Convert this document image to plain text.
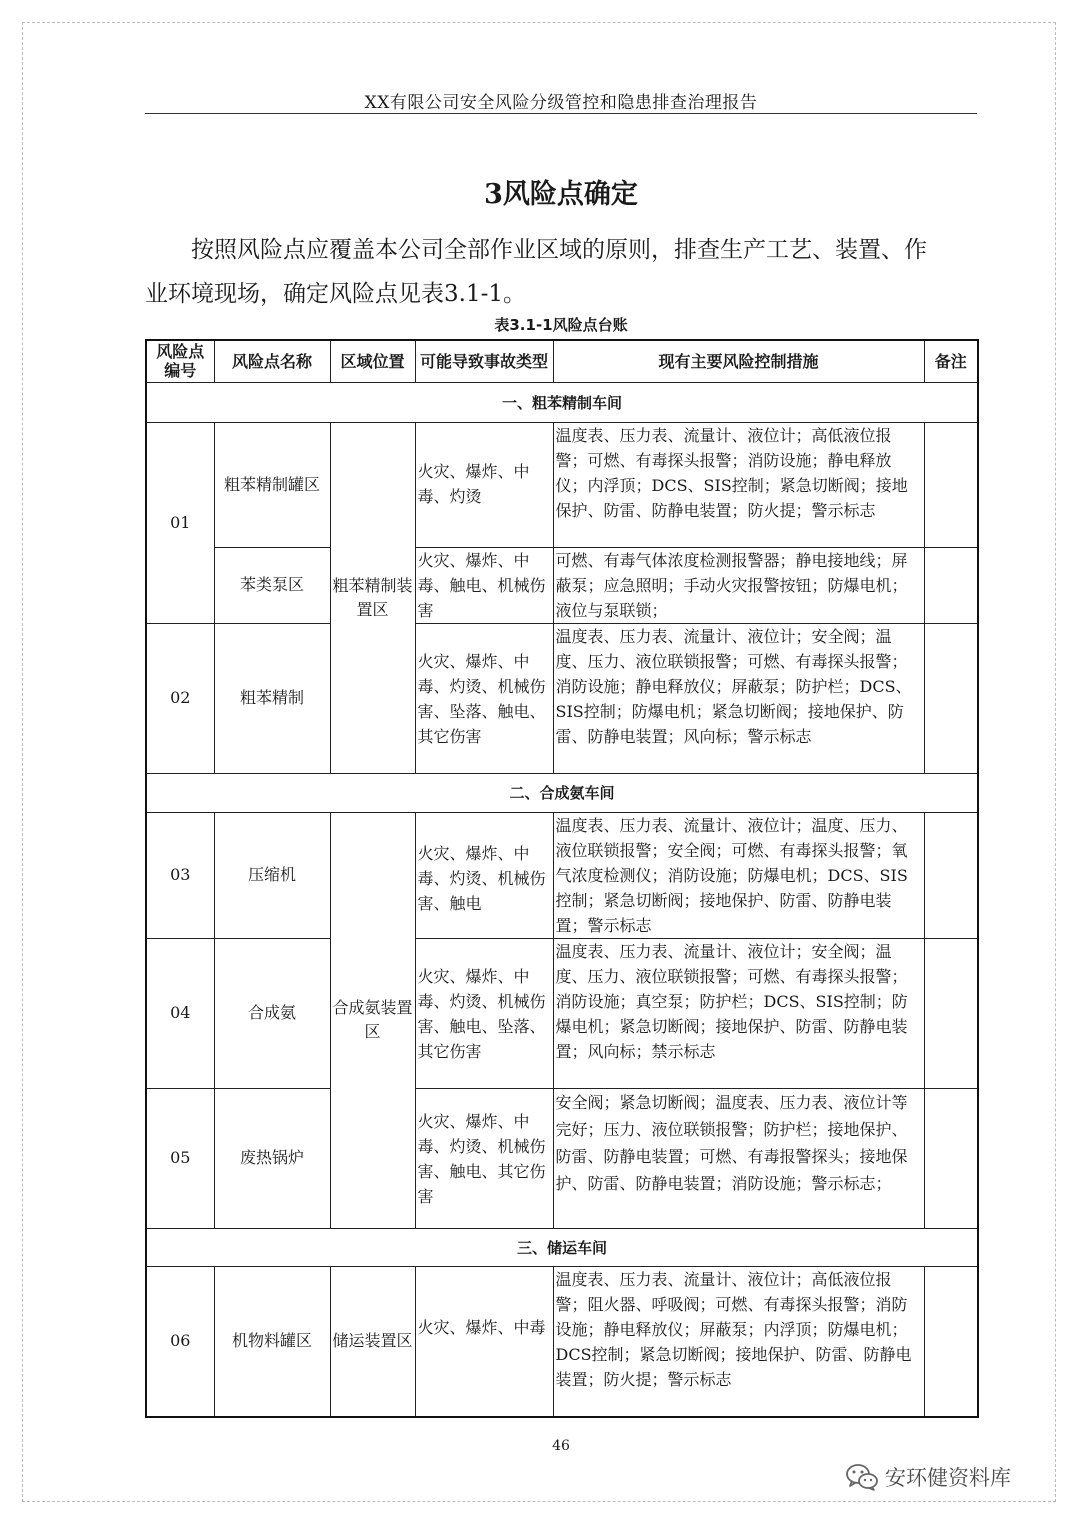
XX有限公司安全风险分级管控和隐患排查治理报告
3风险点确定

　　按照风险点应覆盖本公司全部作业区域的原则，排查生产工艺、装置、作业环境现场，确定风险点见表3.1-1。

表3.1-1风险点台账
风险点编号	风险点名称	区域位置	可能导致事故类型	现有主要风险控制措施	备注
一、粗苯精制车间					
01	粗苯精制罐区	粗苯精制装置区	火灾、爆炸、中毒、灼烫	温度表、压力表、流量计、液位计；高低液位报警；可燃、有毒探头报警；消防设施；静电释放仪；内浮顶；DCS、SIS控制；紧急切断阀；接地保护、防雷、防静电装置；防火提；警示标志	
	苯类泵区		火灾、爆炸、中毒、触电、机械伤害	可燃、有毒气体浓度检测报警器；静电接地线；屏蔽泵；应急照明；手动火灾报警按钮；防爆电机；液位与泵联锁；	
02	粗苯精制		火灾、爆炸、中毒、灼烫、机械伤害、坠落、触电、其它伤害	温度表、压力表、流量计、液位计；安全阀；温度、压力、液位联锁报警；可燃、有毒探头报警；消防设施；静电释放仪；屏蔽泵；防护栏；DCS、SIS控制；防爆电机；紧急切断阀；接地保护、防雷、防静电装置；风向标；警示标志	
二、合成氨车间					
03	压缩机	合成氨装置区	火灾、爆炸、中毒、灼烫、机械伤害、触电	温度表、压力表、流量计、液位计；温度、压力、液位联锁报警；安全阀；可燃、有毒探头报警；氧气浓度检测仪；消防设施；防爆电机；DCS、SIS控制；紧急切断阀；接地保护、防雷、防静电装置；警示标志	
04	合成氨		火灾、爆炸、中毒、灼烫、机械伤害、触电、坠落、其它伤害	温度表、压力表、流量计、液位计；安全阀；温度、压力、液位联锁报警；可燃、有毒探头报警；消防设施；真空泵；防护栏；DCS、SIS控制；防爆电机；紧急切断阀；接地保护、防雷、防静电装置；风向标；禁示标志	
05	废热锅炉		火灾、爆炸、中毒、灼烫、机械伤害、触电、其它伤害	安全阀；紧急切断阀；温度表、压力表、液位计等完好；压力、液位联锁报警；防护栏；接地保护、防雷、防静电装置；可燃、有毒报警探头；接地保护、防雷、防静电装置；消防设施；警示标志；	
三、储运车间					
06	机物料罐区	储运装置区	火灾、爆炸、中毒	温度表、压力表、流量计、液位计；高低液位报警；阻火器、呼吸阀；可燃、有毒探头报警；消防设施；静电释放仪；屏蔽泵；内浮顶；防爆电机；DCS控制；紧急切断阀；接地保护、防雷、防静电装置；防火提；警示标志	
46
安环健资料库
